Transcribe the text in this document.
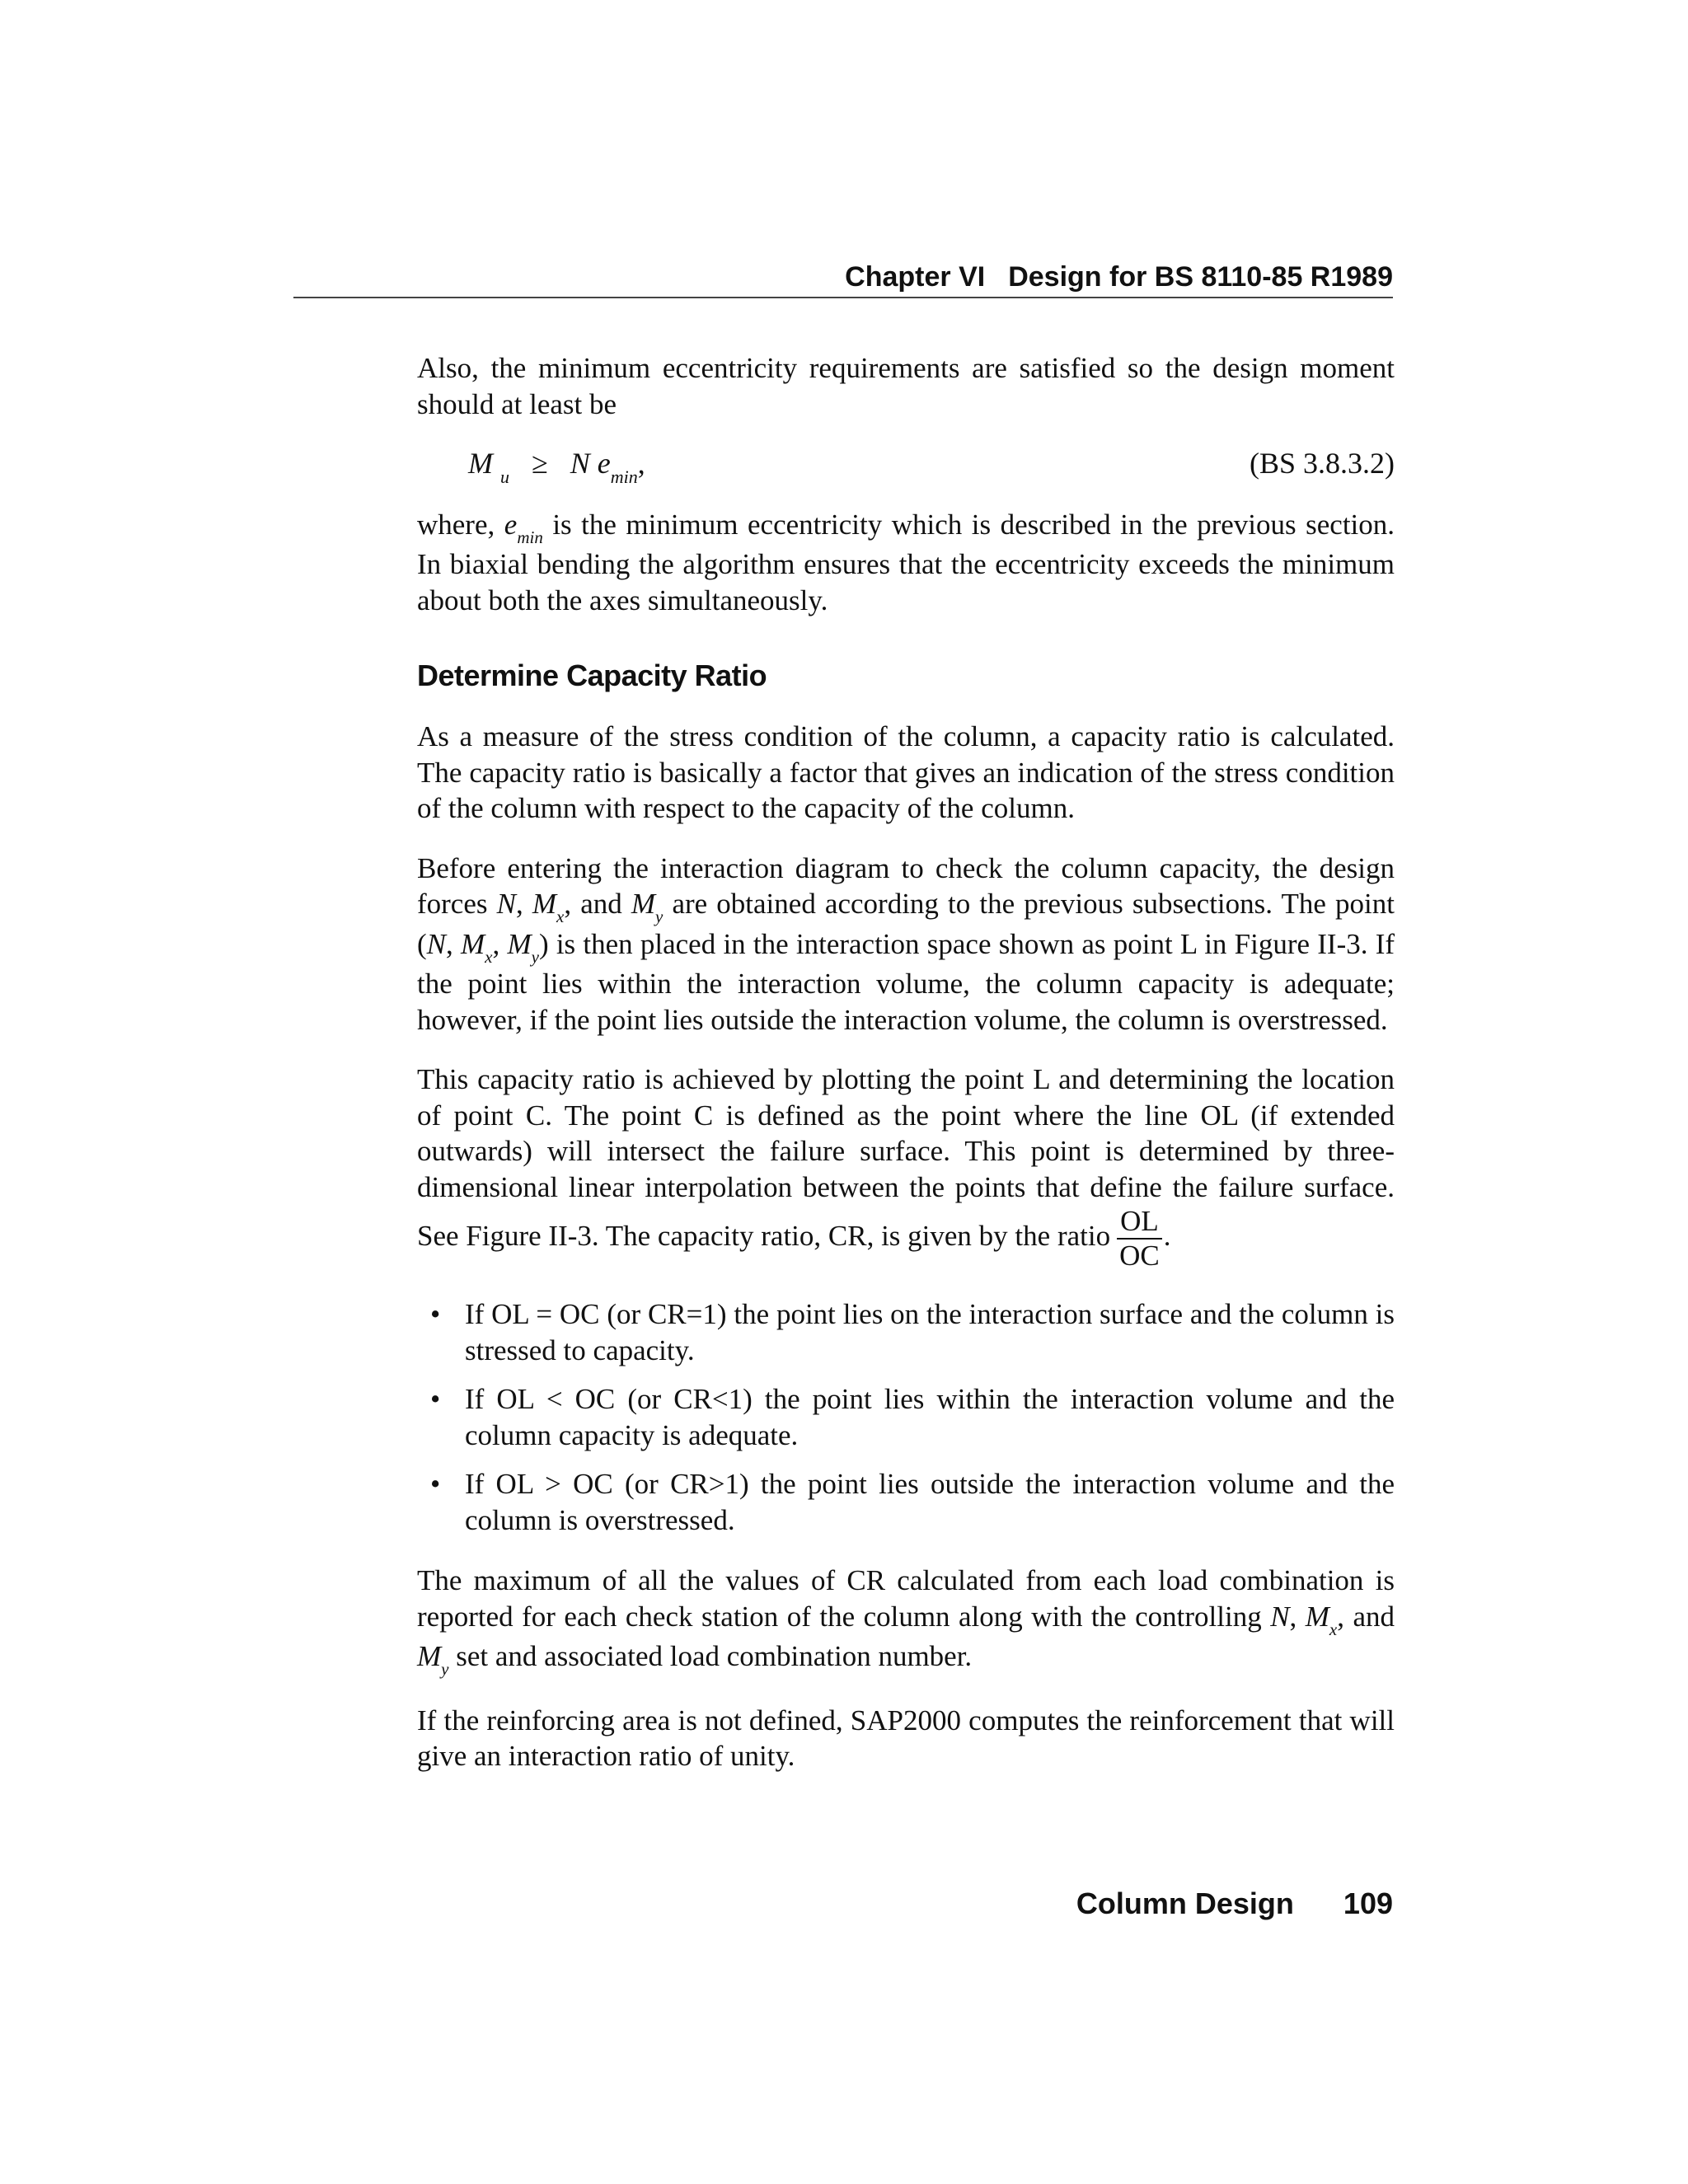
Chapter VI Design for BS 8110-85 R1989

Also, the minimum eccentricity requirements are satisfied so the design moment should at least be

M $_u$ ≥ N $e_{min}$,	(BS 3.8.3.2)

where, $e_{min}$ is the minimum eccentricity which is described in the previous section. In biaxial bending the algorithm ensures that the eccentricity exceeds the minimum about both the axes simultaneously.

Determine Capacity Ratio

As a measure of the stress condition of the column, a capacity ratio is calculated. The capacity ratio is basically a factor that gives an indication of the stress condition of the column with respect to the capacity of the column.

Before entering the interaction diagram to check the column capacity, the design forces N, $M_x$, and $M_y$ are obtained according to the previous subsections. The point (N, $M_x$, $M_y$) is then placed in the interaction space shown as point L in Figure II-3. If the point lies within the interaction volume, the column capacity is adequate; however, if the point lies outside the interaction volume, the column is overstressed.

This capacity ratio is achieved by plotting the point L and determining the location of point C. The point C is defined as the point where the line OL (if extended outwards) will intersect the failure surface. This point is determined by three-dimensional linear interpolation between the points that define the failure surface. See Figure II-3. The capacity ratio, CR, is given by the ratio $\frac{OL}{OC}$ .

• If OL = OC (or CR=1) the point lies on the interaction surface and the column is stressed to capacity.
• If OL < OC (or CR<1) the point lies within the interaction volume and the column capacity is adequate.
• If OL > OC (or CR>1) the point lies outside the interaction volume and the column is overstressed.

The maximum of all the values of CR calculated from each load combination is reported for each check station of the column along with the controlling N, $M_x$, and $M_y$ set and associated load combination number.

If the reinforcing area is not defined, SAP2000 computes the reinforcement that will give an interaction ratio of unity.

Column Design 109
